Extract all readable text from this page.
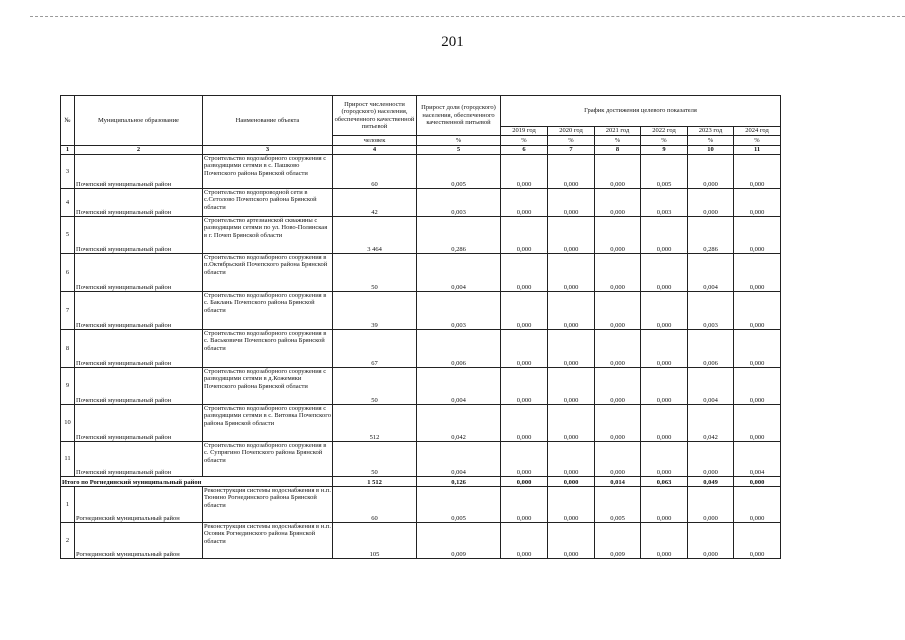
201
№	Муниципальное образование	Наименование объекта	Прирост численности (городского) населения, обеспеченного качественной питьевой	Прирост доли (городского) населения, обеспеченного качественной питьевой	График достижения целевого показателя					
					2019 год	2020 год	2021 год	2022 год	2023 год	2024 год
			человек	%	%	%	%	%	%	%
1	2	3	4	5	6	7	8	9	10	11
3	Почепский муниципальный район	Строительство водозаборного сооружения с разводящими сетями в с. Пашково Почепского района Брянской области	60	0,005	0,000	0,000	0,000	0,005	0,000	0,000
4	Почепский муниципальный район	Строительство водопроводной сети в с.Сетолово Почепского района Брянской области	42	0,003	0,000	0,000	0,000	0,003	0,000	0,000
5	Почепский муниципальный район	Строительство артезианской скважины с разводящими сетями по ул. Ново-Полянская в г. Почеп Брянской области	3 464	0,286	0,000	0,000	0,000	0,000	0,286	0,000
6	Почепский муниципальный район	Строительство водозаборного сооружения в п.Октябрьский Почепского района Брянской области	50	0,004	0,000	0,000	0,000	0,000	0,004	0,000
7	Почепский муниципальный район	Строительство водозаборного сооружения в с. Баклань Почепского района Брянской области	39	0,003	0,000	0,000	0,000	0,000	0,003	0,000
8	Почепский муниципальный район	Строительство водозаборного сооружения в с. Васьковичи Почепского района Брянской области	67	0,006	0,000	0,000	0,000	0,000	0,006	0,000
9	Почепский муниципальный район	Строительство водозаборного сооружения с разводящими сетями в д.Кожемяки Почепского района Брянской области	50	0,004	0,000	0,000	0,000	0,000	0,004	0,000
10	Почепский муниципальный район	Строительство водозаборного сооружения с разводящими сетями в с. Витовка Почепского района Брянской области	512	0,042	0,000	0,000	0,000	0,000	0,042	0,000
11	Почепский муниципальный район	Строительство водозаборного сооружения в с. Супрягино Почепского района Брянской области	50	0,004	0,000	0,000	0,000	0,000	0,000	0,004
Итого по Рогнединский муниципальный район			1 512	0,126	0,000	0,000	0,014	0,063	0,049	0,000
1	Рогнединский муниципальный район	Реконструкция системы водоснабжения в н.п. Тюнино Рогнединского района Брянской области	60	0,005	0,000	0,000	0,005	0,000	0,000	0,000
2	Рогнединский муниципальный район	Реконструкция системы водоснабжения в н.п. Осовик Рогнединского района Брянской области	105	0,009	0,000	0,000	0,009	0,000	0,000	0,000
